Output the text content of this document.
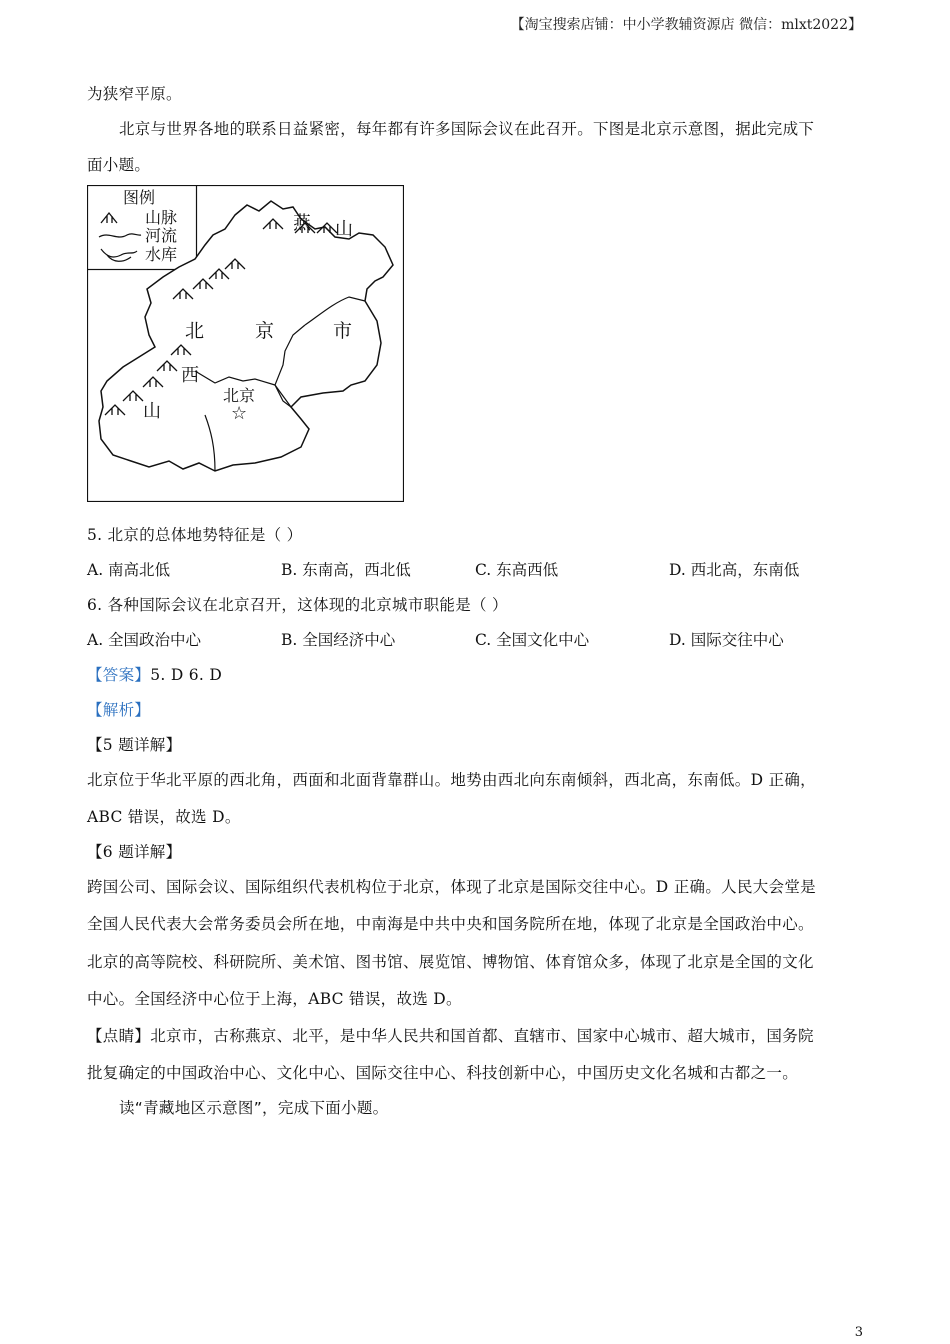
【淘宝搜索店铺：中小学教辅资源店 微信：mlxt2022】
为狭窄平原。
北京与世界各地的联系日益紧密，每年都有许多国际会议在此召开。下图是北京示意图，据此完成下
面小题。
图例
山脉
河流
水库
燕 山
北	京	市
西
山
北京
☆
5. 北京的总体地势特征是（ ）
A. 南高北低	B. 东南高，西北低	C. 东高西低	D. 西北高，东南低
6. 各种国际会议在北京召开，这体现的北京城市职能是（ ）
A. 全国政治中心	B. 全国经济中心	C. 全国文化中心	D. 国际交往中心
【答案】5. D 6. D
【解析】
【5 题详解】
北京位于华北平原的西北角，西面和北面背靠群山。地势由西北向东南倾斜，西北高，东南低。D 正确，
ABC 错误，故选 D。
【6 题详解】
跨国公司、国际会议、国际组织代表机构位于北京，体现了北京是国际交往中心。D 正确。人民大会堂是
全国人民代表大会常务委员会所在地，中南海是中共中央和国务院所在地，体现了北京是全国政治中心。
北京的高等院校、科研院所、美术馆、图书馆、展览馆、博物馆、体育馆众多，体现了北京是全国的文化
中心。全国经济中心位于上海，ABC 错误，故选 D。
【点睛】北京市，古称燕京、北平，是中华人民共和国首都、直辖市、国家中心城市、超大城市，国务院
批复确定的中国政治中心、文化中心、国际交往中心、科技创新中心，中国历史文化名城和古都之一。
读“青藏地区示意图”，完成下面小题。
3
